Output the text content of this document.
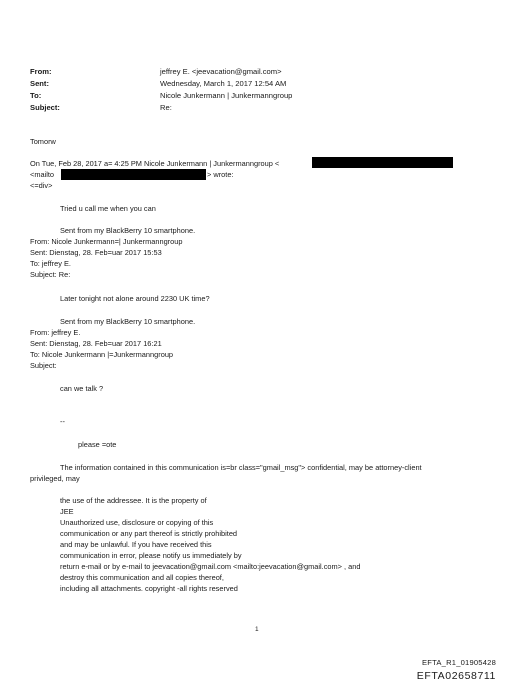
From:	jeffrey E. <jeevacation@gmail.com>
Sent:	Wednesday, March 1, 2017 12:54 AM
To:	Nicole Junkermann | Junkermanngroup
Subject:	Re:
Tomorw
On Tue, Feb 28, 2017 a= 4:25 PM Nicole Junkermann | Junkermanngroup <
<mailto	> wrote:
<=div>
Tried u call me when you can
Sent from my BlackBerry 10 smartphone.
From: Nicole Junkermann=| Junkermanngroup
Sent: Dienstag, 28. Feb=uar 2017 15:53
To: jeffrey E.
Subject: Re:
Later tonight not alone around 2230 UK time?
Sent from my BlackBerry 10 smartphone.
From: jeffrey E.
Sent: Dienstag, 28. Feb=uar 2017 16:21
To: Nicole Junkermann |=Junkermanngroup
Subject:
can we talk ?
--
please =ote
The information contained in this communication is=br class="gmail_msg"> confidential, may be attorney-client
privileged, may
the use of the addressee. It is the property of
JEE
Unauthorized use, disclosure or copying of this
communication or any part thereof is strictly prohibited
and may be unlawful. If you have received this
communication in error, please notify us immediately by
return e-mail or by e-mail to jeevacation@gmail.com <mailto:jeevacation@gmail.com> , and
destroy this communication and all copies thereof,
including all attachments. copyright -all rights reserved
1
EFTA_R1_01905428
EFTA02658711
